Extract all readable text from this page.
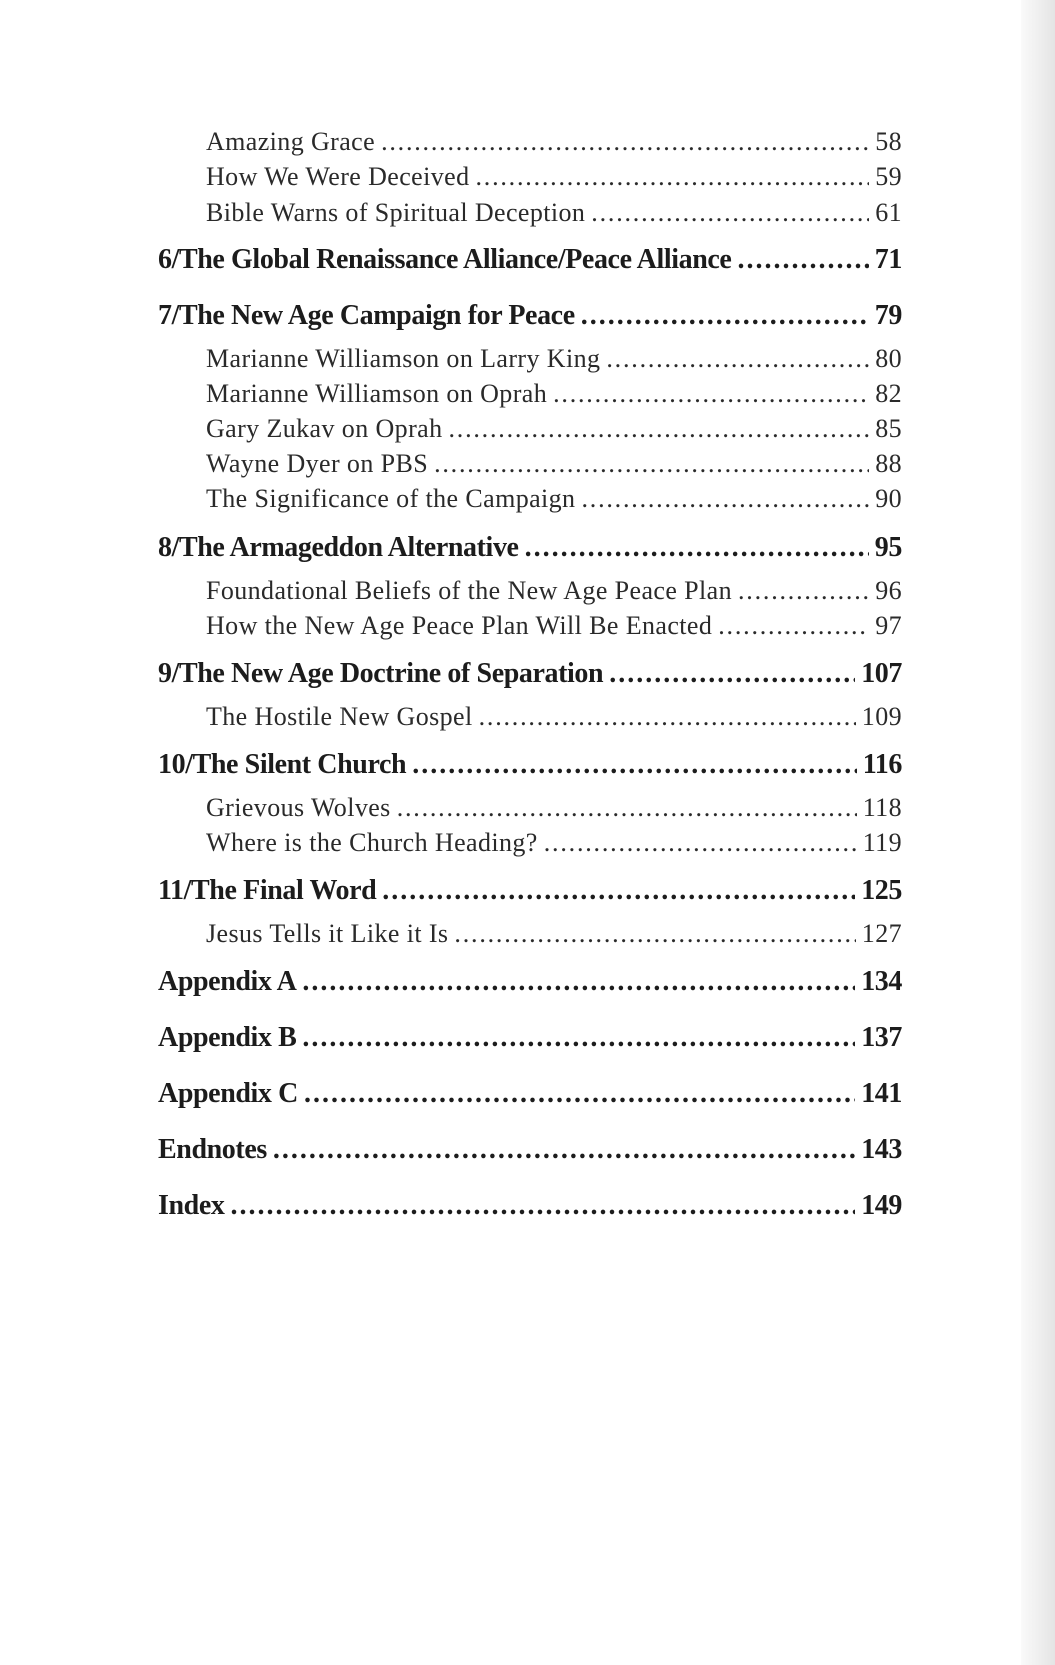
Amazing Grace .....	58
How We Were Deceived .....	59
Bible Warns of Spiritual Deception .....	61
6/The Global Renaissance Alliance/Peace Alliance .....	71
7/The New Age Campaign for Peace .....	79
Marianne Williamson on Larry King .....	80
Marianne Williamson on Oprah .....	82
Gary Zukav on Oprah .....	85
Wayne Dyer on PBS .....	88
The Significance of the Campaign .....	90
8/The Armageddon Alternative .....	95
Foundational Beliefs of the New Age Peace Plan .....	96
How the New Age Peace Plan Will Be Enacted .....	97
9/The New Age Doctrine of Separation .....	107
The Hostile New Gospel .....	109
10/The Silent Church .....	116
Grievous Wolves .....	118
Where is the Church Heading? .....	119
11/The Final Word .....	125
Jesus Tells it Like it Is .....	127
Appendix A .....	134
Appendix B .....	137
Appendix C .....	141
Endnotes .....	143
Index .....	149
